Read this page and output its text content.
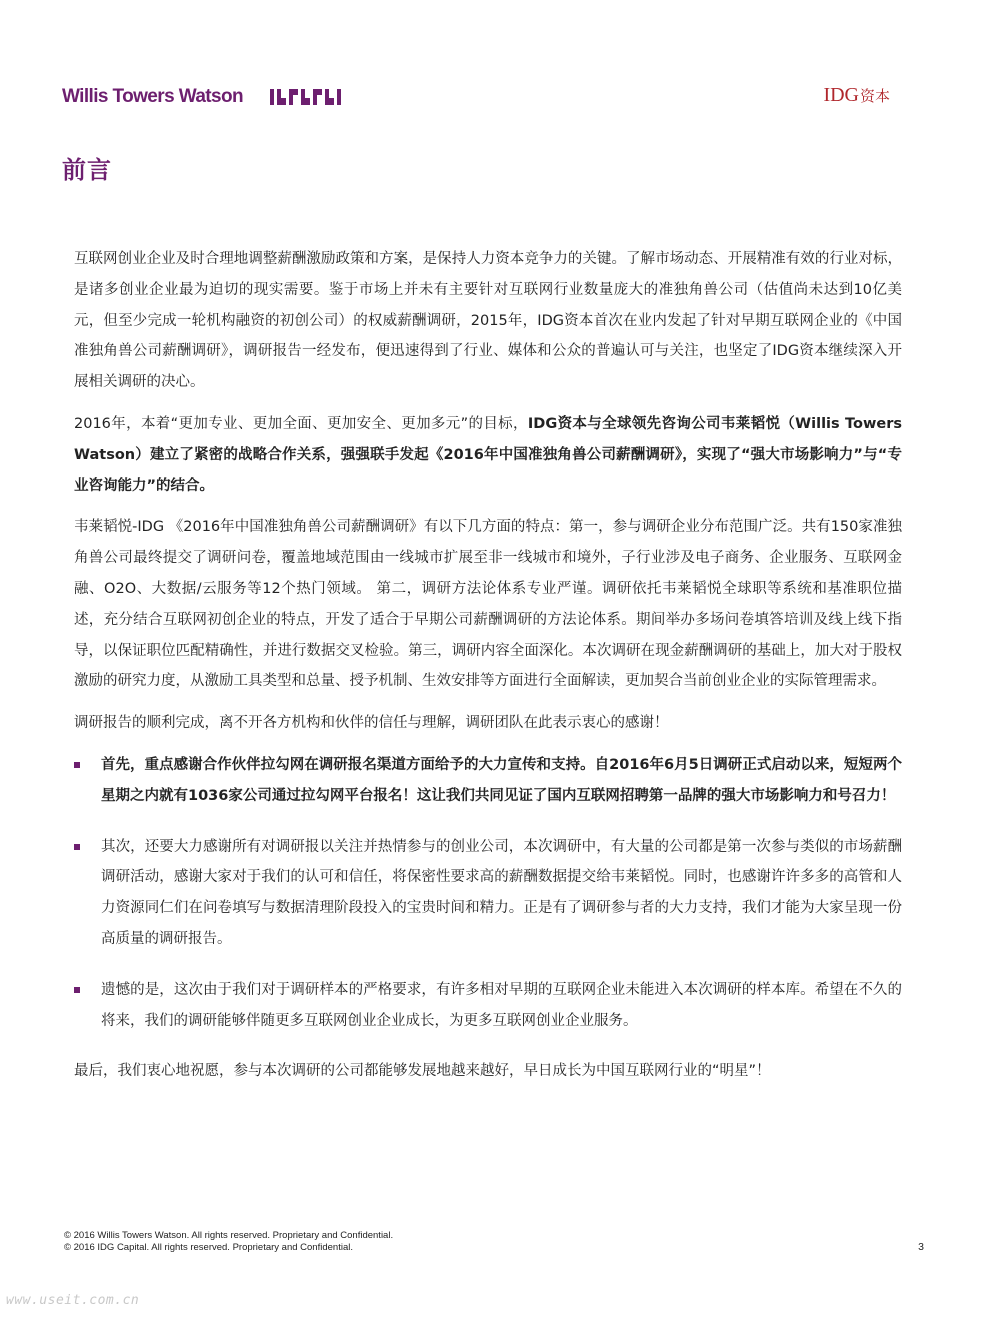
Willis Towers Watson	IDG资本
前言

互联网创业企业及时合理地调整薪酬激励政策和方案，是保持人力资本竞争力的关键。了解市场动态、开展精准有效的行业对标，是诸多创业企业最为迫切的现实需要。鉴于市场上并未有主要针对互联网行业数量庞大的准独角兽公司（估值尚未达到10亿美元，但至少完成一轮机构融资的初创公司）的权威薪酬调研，2015年，IDG资本首次在业内发起了针对早期互联网企业的《中国准独角兽公司薪酬调研》，调研报告一经发布，便迅速得到了行业、媒体和公众的普遍认可与关注，也坚定了IDG资本继续深入开展相关调研的决心。

2016年，本着“更加专业、更加全面、更加安全、更加多元”的目标，IDG资本与全球领先咨询公司韦莱韬悦（Willis Towers Watson）建立了紧密的战略合作关系，强强联手发起《2016年中国准独角兽公司薪酬调研》，实现了“强大市场影响力”与“专业咨询能力”的结合。

韦莱韬悦-IDG 《2016年中国准独角兽公司薪酬调研》有以下几方面的特点：第一，参与调研企业分布范围广泛。共有150家准独角兽公司最终提交了调研问卷，覆盖地域范围由一线城市扩展至非一线城市和境外，子行业涉及电子商务、企业服务、互联网金融、O2O、大数据/云服务等12个热门领域。 第二，调研方法论体系专业严谨。调研依托韦莱韬悦全球职等系统和基准职位描述，充分结合互联网初创企业的特点，开发了适合于早期公司薪酬调研的方法论体系。期间举办多场问卷填答培训及线上线下指导，以保证职位匹配精确性，并进行数据交叉检验。第三，调研内容全面深化。本次调研在现金薪酬调研的基础上，加大对于股权激励的研究力度，从激励工具类型和总量、授予机制、生效安排等方面进行全面解读，更加契合当前创业企业的实际管理需求。

调研报告的顺利完成，离不开各方机构和伙伴的信任与理解，调研团队在此表示衷心的感谢！

首先，重点感谢合作伙伴拉勾网在调研报名渠道方面给予的大力宣传和支持。自2016年6月5日调研正式启动以来，短短两个星期之内就有1036家公司通过拉勾网平台报名！这让我们共同见证了国内互联网招聘第一品牌的强大市场影响力和号召力！
其次，还要大力感谢所有对调研报以关注并热情参与的创业公司，本次调研中，有大量的公司都是第一次参与类似的市场薪酬调研活动，感谢大家对于我们的认可和信任，将保密性要求高的薪酬数据提交给韦莱韬悦。同时，也感谢许许多多的高管和人力资源同仁们在问卷填写与数据清理阶段投入的宝贵时间和精力。正是有了调研参与者的大力支持，我们才能为大家呈现一份高质量的调研报告。
遗憾的是，这次由于我们对于调研样本的严格要求，有许多相对早期的互联网企业未能进入本次调研的样本库。希望在不久的将来，我们的调研能够伴随更多互联网创业企业成长，为更多互联网创业企业服务。

最后，我们衷心地祝愿，参与本次调研的公司都能够发展地越来越好，早日成长为中国互联网行业的“明星”！

© 2016 Willis Towers Watson. All rights reserved. Proprietary and Confidential.
© 2016 IDG Capital. All rights reserved. Proprietary and Confidential.	3
www.useit.com.cn
